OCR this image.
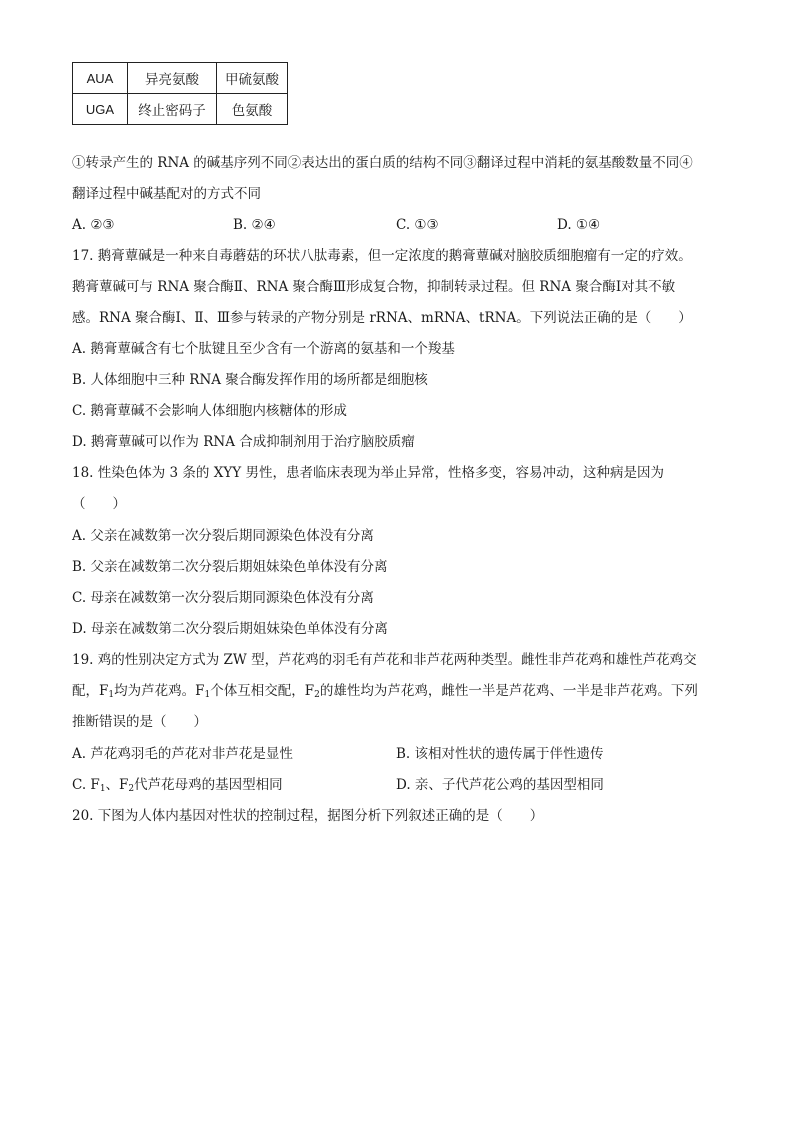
AUA	异亮氨酸	甲硫氨酸
UGA	终止密码子	色氨酸
①转录产生的 RNA 的碱基序列不同②表达出的蛋白质的结构不同③翻译过程中消耗的氨基酸数量不同④
翻译过程中碱基配对的方式不同
A. ②③	B. ②④	C. ①③	D. ①④
17. 鹅膏蕈碱是一种来自毒蘑菇的环状八肽毒素，但一定浓度的鹅膏蕈碱对脑胶质细胞瘤有一定的疗效。
鹅膏蕈碱可与 RNA 聚合酶Ⅱ、RNA 聚合酶Ⅲ形成复合物，抑制转录过程。但 RNA 聚合酶Ⅰ对其不敏
感。RNA 聚合酶Ⅰ、Ⅱ、Ⅲ参与转录的产物分别是 rRNA、mRNA、tRNA。下列说法正确的是（　　）
A. 鹅膏蕈碱含有七个肽键且至少含有一个游离的氨基和一个羧基
B. 人体细胞中三种 RNA 聚合酶发挥作用的场所都是细胞核
C. 鹅膏蕈碱不会影响人体细胞内核糖体的形成
D. 鹅膏蕈碱可以作为 RNA 合成抑制剂用于治疗脑胶质瘤
18. 性染色体为 3 条的 XYY 男性，患者临床表现为举止异常，性格多变，容易冲动，这种病是因为
（　　）
A. 父亲在减数第一次分裂后期同源染色体没有分离
B. 父亲在减数第二次分裂后期姐妹染色单体没有分离
C. 母亲在减数第一次分裂后期同源染色体没有分离
D. 母亲在减数第二次分裂后期姐妹染色单体没有分离
19. 鸡的性别决定方式为 ZW 型，芦花鸡的羽毛有芦花和非芦花两种类型。雌性非芦花鸡和雄性芦花鸡交
配，$F_1$均为芦花鸡。$F_1$个体互相交配，$F_2$的雄性均为芦花鸡，雌性一半是芦花鸡、一半是非芦花鸡。下列
推断错误的是（　　）
A. 芦花鸡羽毛的芦花对非芦花是显性	B. 该相对性状的遗传属于伴性遗传
C. $F_1$、$F_2$代芦花母鸡的基因型相同	D. 亲、子代芦花公鸡的基因型相同
20. 下图为人体内基因对性状的控制过程，据图分析下列叙述正确的是（　　）
